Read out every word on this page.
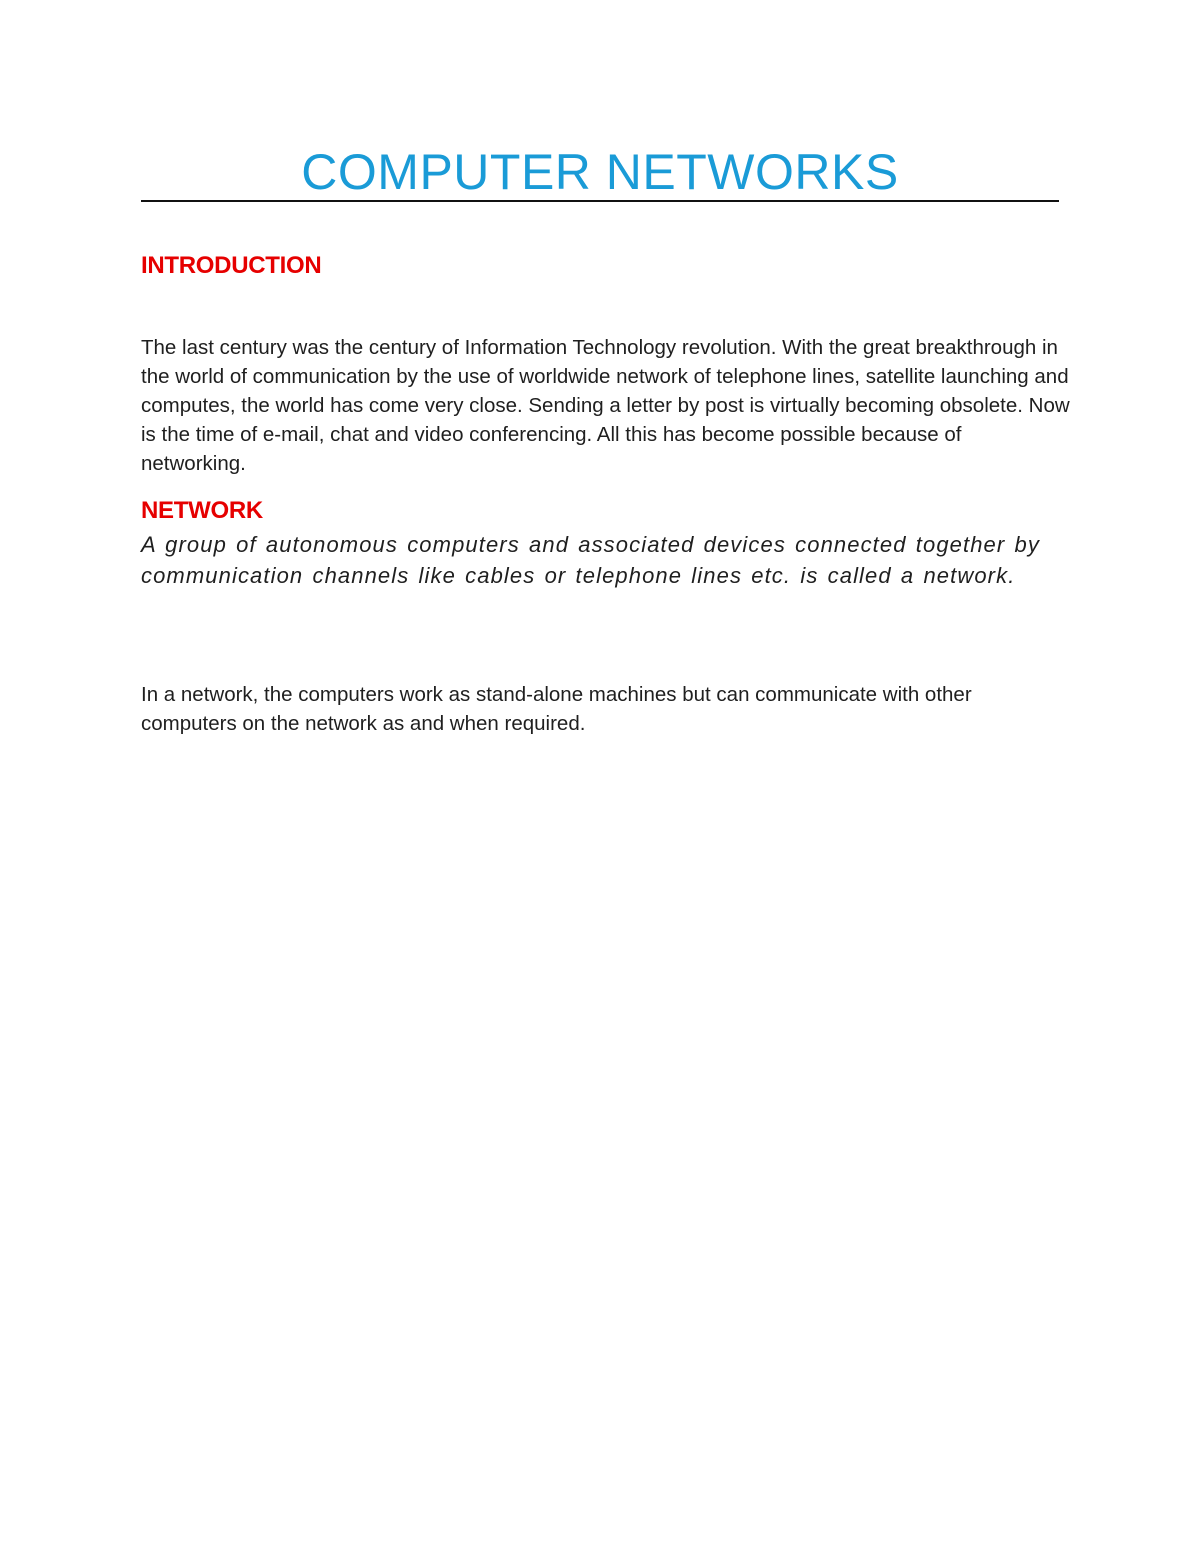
COMPUTER NETWORKS
INTRODUCTION

The last century was the century of Information Technology revolution. With the great breakthrough in the world of communication by the use of worldwide network of telephone lines, satellite launching and computes, the world has come very close. Sending a letter by post is virtually becoming obsolete. Now is the time of e-mail, chat and video conferencing. All this has become possible because of networking.

NETWORK

A group of autonomous computers and associated devices connected together by communication channels like cables or telephone lines etc. is called a network.

In a network, the computers work as stand-alone machines but can communicate with other computers on the network as and when required.
